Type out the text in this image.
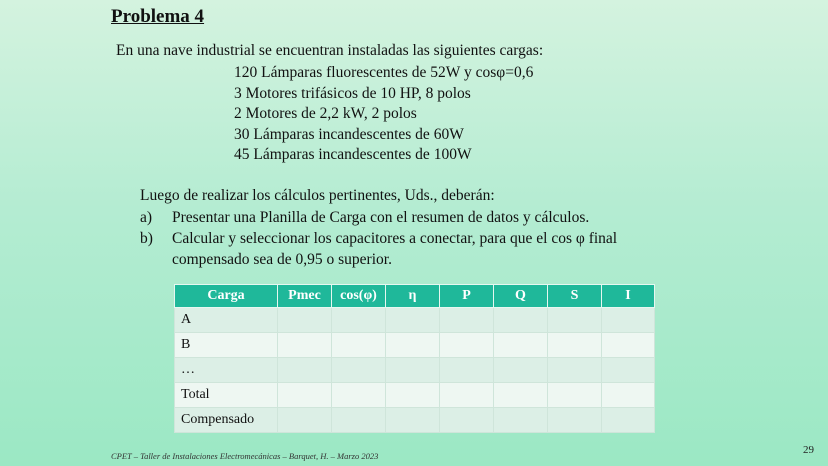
Problema 4
En una nave industrial se encuentran instaladas las siguientes cargas:
120 Lámparas fluorescentes de 52W y cosφ=0,6
3 Motores trifásicos de 10 HP, 8 polos
2 Motores de 2,2 kW, 2 polos
30 Lámparas incandescentes de 60W
45 Lámparas incandescentes de 100W
Luego de realizar los cálculos pertinentes, Uds., deberán:
a) Presentar una Planilla de Carga con el resumen de datos y cálculos.
b) Calcular y seleccionar los capacitores a conectar, para que el cos φ final
compensado sea de 0,95 o superior.
Carga	Pmec	cos(φ)	η	P	Q	S	I
A							
B							
…							
Total							
Compensado							
CPET – Taller de Instalaciones Electromecánicas – Barquet, H. – Marzo 2023	29
